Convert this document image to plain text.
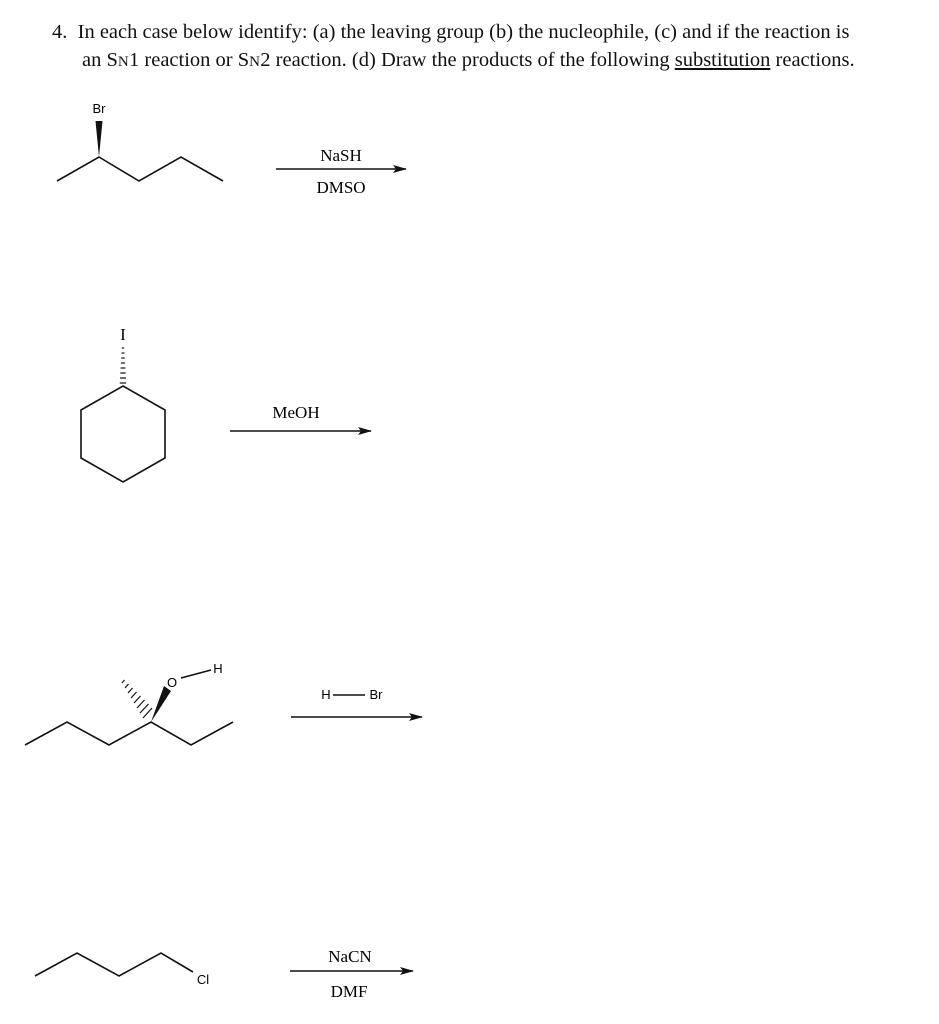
4. In each case below identify: (a) the leaving group (b) the nucleophile, (c) and if the reaction is
an SN1 reaction or SN2 reaction. (d) Draw the products of the following substitution reactions.
Br
NaSH
DMSO
I
MeOH
O
H
H	Br
Cl
NaCN
DMF
